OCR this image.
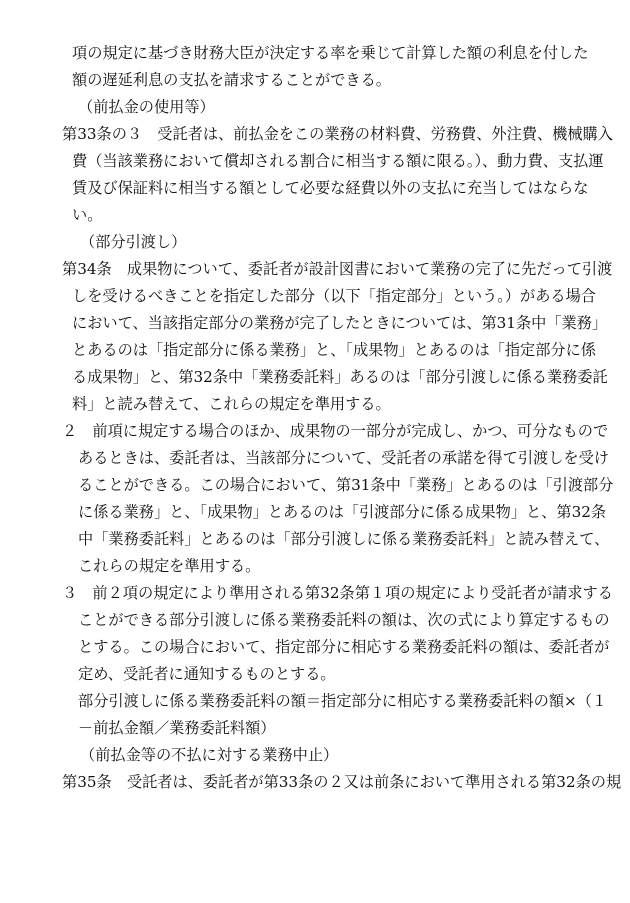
項の規定に基づき財務大臣が決定する率を乗じて計算した額の利息を付した
額の遅延利息の支払を請求することができる。
（前払金の使用等）
第33条の３　受託者は、前払金をこの業務の材料費、労務費、外注費、機械購入
費（当該業務において償却される割合に相当する額に限る。）、動力費、支払運
賃及び保証料に相当する額として必要な経費以外の支払に充当してはならな
い。
（部分引渡し）
第34条　成果物について、委託者が設計図書において業務の完了に先だって引渡
しを受けるべきことを指定した部分（以下「指定部分」という。）がある場合
において、当該指定部分の業務が完了したときについては、第31条中「業務」
とあるのは「指定部分に係る業務」と、「成果物」とあるのは「指定部分に係
る成果物」と、第32条中「業務委託料」あるのは「部分引渡しに係る業務委託
料」と読み替えて、これらの規定を準用する。
２　前項に規定する場合のほか、成果物の一部分が完成し、かつ、可分なもので
あるときは、委託者は、当該部分について、受託者の承諾を得て引渡しを受け
ることができる。この場合において、第31条中「業務」とあるのは「引渡部分
に係る業務」と、「成果物」とあるのは「引渡部分に係る成果物」と、第32条
中「業務委託料」とあるのは「部分引渡しに係る業務委託料」と読み替えて、
これらの規定を準用する。
３　前２項の規定により準用される第32条第１項の規定により受託者が請求する
ことができる部分引渡しに係る業務委託料の額は、次の式により算定するもの
とする。この場合において、指定部分に相応する業務委託料の額は、委託者が
定め、受託者に通知するものとする。
部分引渡しに係る業務委託料の額＝指定部分に相応する業務委託料の額×（１
－前払金額／業務委託料額）
（前払金等の不払に対する業務中止）
第35条　受託者は、委託者が第33条の２又は前条において準用される第32条の規
